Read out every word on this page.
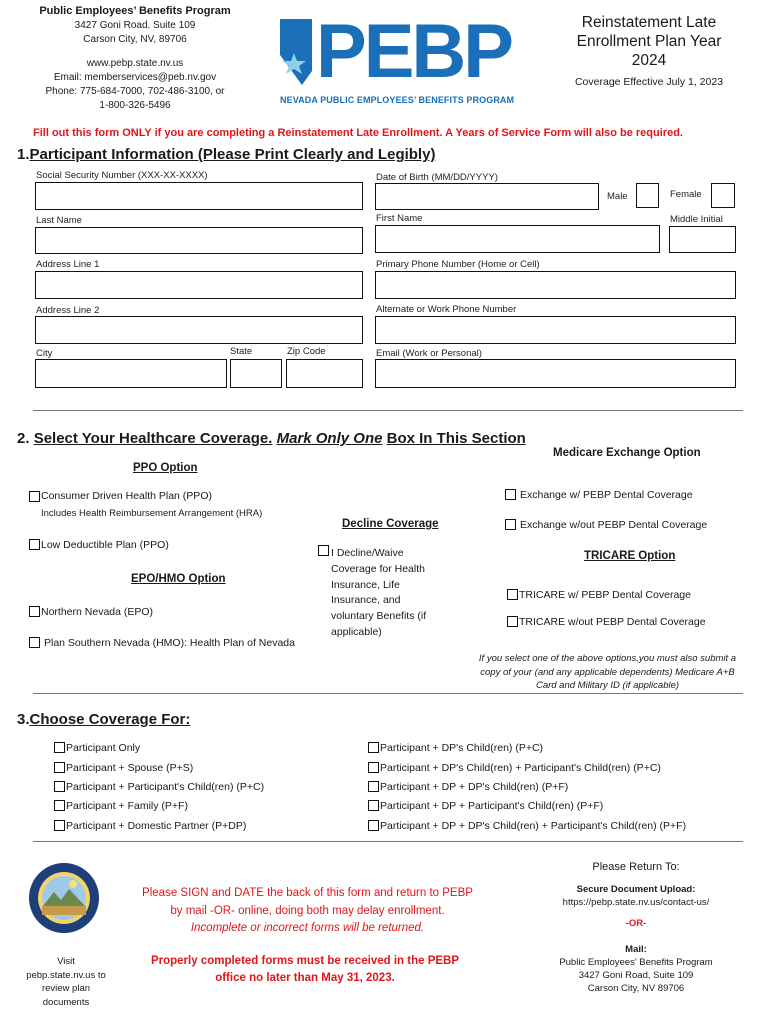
Public Employees’ Benefits Program
3427 Goni Road. Suite 109
Carson City, NV, 89706
www.pebp.state.nv.us
Email: memberservices@peb.nv.gov
Phone: 775-684-7000, 702-486-3100, or
1-800-326-5496
PEBP
NEVADA PUBLIC EMPLOYEES’ BENEFITS PROGRAM
Reinstatement Late
Enrollment Plan Year
2024
Coverage Effective July 1, 2023
Fill out this form ONLY if you are completing a Reinstatement Late Enrollment. A Years of Service Form will also be required.
1.Participant Information (Please Print Clearly and Legibly)
Social Security Number (XXX-XX-XXXX)	Date of Birth (MM/DD/YYYY)
Male	Female
Last Name	First Name	Middle Initial
Address Line 1	Primary Phone Number (Home or Cell)
Address Line 2	Alternate or Work Phone Number
City	State	Zip Code	Email (Work or Personal)
2. Select Your Healthcare Coverage. Mark Only One Box In This Section
PPO Option
Consumer Driven Health Plan (PPO)
Includes Health Reimbursement Arrangement (HRA)
Low Deductible Plan (PPO)
EPO/HMO Option
Northern Nevada (EPO)
Plan Southern Nevada (HMO): Health Plan of Nevada
Decline Coverage
I Decline/Waive
Coverage for Health
Insurance, Life
Insurance, and
voluntary Benefits (if
applicable)
Medicare Exchange Option
Exchange w/ PEBP Dental Coverage
Exchange w/out PEBP Dental Coverage
TRICARE Option
TRICARE w/ PEBP Dental Coverage
TRICARE w/out PEBP Dental Coverage
If you select one of the above options,you must also submit a
copy of your (and any applicable dependents) Medicare A+B
Card and Military ID (if applicable)
3.Choose Coverage For:
Participant Only
Participant + Spouse (P+S)
Participant + Participant's Child(ren) (P+C)
Participant + Family (P+F)
Participant + Domestic Partner (P+DP)
Participant + DP's Child(ren) (P+C)
Participant + DP's Child(ren) + Participant's Child(ren) (P+C)
Participant + DP + DP's Child(ren) (P+F)
Participant + DP + Participant's Child(ren) (P+F)
Participant + DP + DP's Child(ren) + Participant's Child(ren) (P+F)
Visit
pebp.state.nv.us to
review plan
documents
Please SIGN and DATE the back of this form and return to PEBP
by mail -OR- online, doing both may delay enrollment.
Incomplete or incorrect forms will be returned.
Properly completed forms must be received in the PEBP
office no later than May 31, 2023.
Please Return To:
Secure Document Upload:
https://pebp.state.nv.us/contact-us/
-OR-
Mail:
Public Employees' Benefits Program
3427 Goni Road, Suite 109
Carson City, NV 89706
